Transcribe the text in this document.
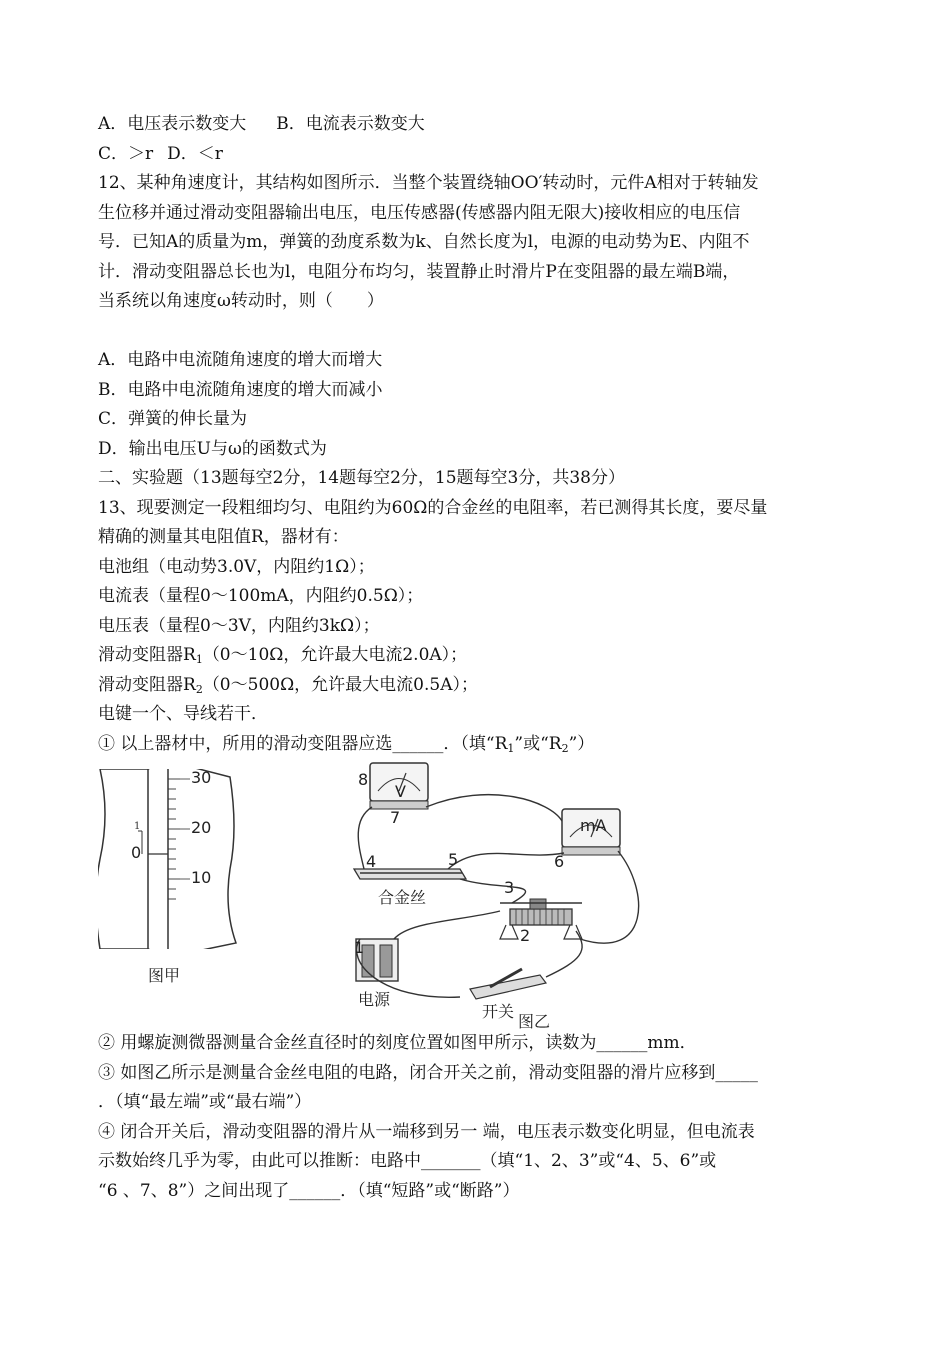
A．电压表示数变大 B．电流表示数变大
C．＞r D．＜r
12、某种角速度计，其结构如图所示．当整个装置绕轴OO′转动时，元件A相对于转轴发
生位移并通过滑动变阻器输出电压，电压传感器(传感器内阻无限大)接收相应的电压信
号．已知A的质量为m，弹簧的劲度系数为k、自然长度为l，电源的电动势为E、内阻不
计．滑动变阻器总长也为l，电阻分布均匀，装置静止时滑片P在变阻器的最左端B端，
当系统以角速度ω转动时，则（　　）
A．电路中电流随角速度的增大而增大
B．电路中电流随角速度的增大而减小
C．弹簧的伸长量为
D．输出电压U与ω的函数式为
二、实验题（13题每空2分，14题每空2分，15题每空3分，共38分）
13、现要测定一段粗细均匀、电阻约为60Ω的合金丝的电阻率，若已测得其长度，要尽量
精确的测量其电阻值R，器材有：
电池组（电动势3.0V，内阻约1Ω）；
电流表（量程0～100mA，内阻约0.5Ω）；
电压表（量程0～3V，内阻约3kΩ）；
滑动变阻器$R_1(0\sim 10\Omega$，允许最大电流2.0A）；
滑动变阻器$R_2(0\sim 500\Omega$，允许最大电流0.5A）；
电键一个、导线若干．
① 以上器材中，所用的滑动变阻器应选______．（填“$R_1$”或“$R_2$”）
1
0
30
20
10
图甲
V
mA
合金丝
电源
开关
1
2
3
4	5	6
7
8
图乙
② 用螺旋测微器测量合金丝直径时的刻度位置如图甲所示，读数为______mm．
③ 如图乙所示是测量合金丝电阻的电路，闭合开关之前，滑动变阻器的滑片应移到_____
．（填“最左端”或“最右端”）
④ 闭合开关后，滑动变阻器的滑片从一端移到另一 端，电压表示数变化明显，但电流表
示数始终几乎为零，由此可以推断：电路中_______（填“1、2、3”或“4、5、6”或
“6 、7、8”）之间出现了______．（填“短路”或“断路”）
